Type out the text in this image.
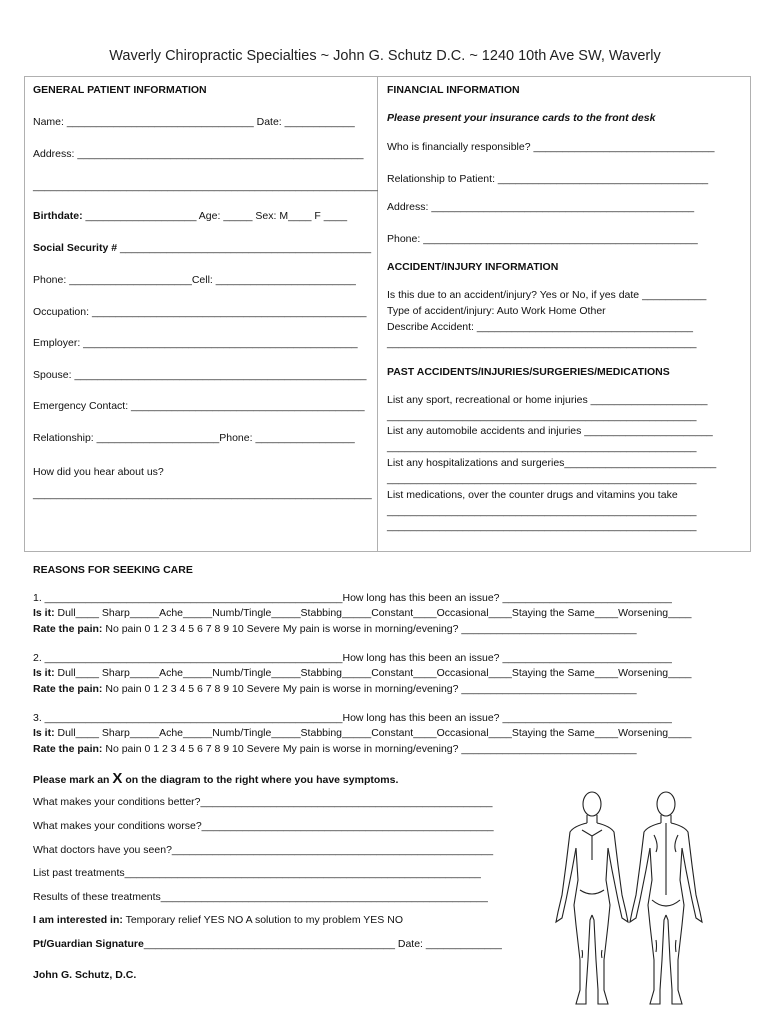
Waverly Chiropractic Specialties ~ John G. Schutz D.C. ~ 1240 10th Ave SW, Waverly
GENERAL PATIENT INFORMATION
Name: ________________________________ Date: ____________
Address: _________________________________________________
___________________________________________________________
Birthdate: ___________________ Age: _____ Sex: M____ F ____
Social Security # ___________________________________________
Phone: _____________________Cell: ________________________
Occupation: _______________________________________________
Employer: _______________________________________________
Spouse: __________________________________________________
Emergency Contact: ________________________________________
Relationship: _____________________Phone: _________________
How did you hear about us?
__________________________________________________________
FINANCIAL INFORMATION
Please present your insurance cards to the front desk
Who is financially responsible? _______________________________
Relationship to Patient: ____________________________________
Address: _____________________________________________
Phone: _______________________________________________
ACCIDENT/INJURY INFORMATION
Is this due to an accident/injury? Yes or No, if yes date ___________
Type of accident/injury: Auto Work Home Other
Describe Accident: _____________________________________
_____________________________________________________
PAST ACCIDENTS/INJURIES/SURGERIES/MEDICATIONS
List any sport, recreational or home injuries ____________________
_____________________________________________________
List any automobile accidents and injuries ______________________
_____________________________________________________
List any hospitalizations and surgeries__________________________
_____________________________________________________
List medications, over the counter drugs and vitamins you take
_____________________________________________________
_____________________________________________________
REASONS FOR SEEKING CARE
1. ___________________________________________________How long has this been an issue? _____________________________
Is it: Dull____ Sharp_____Ache_____Numb/Tingle_____Stabbing_____Constant____Occasional____Staying the Same____Worsening____
Rate the pain: No pain 0 1 2 3 4 5 6 7 8 9 10 Severe My pain is worse in morning/evening? ______________________________
2. ___________________________________________________How long has this been an issue? _____________________________
Is it: Dull____ Sharp_____Ache_____Numb/Tingle_____Stabbing_____Constant____Occasional____Staying the Same____Worsening____
Rate the pain: No pain 0 1 2 3 4 5 6 7 8 9 10 Severe My pain is worse in morning/evening? ______________________________
3. ___________________________________________________How long has this been an issue? _____________________________
Is it: Dull____ Sharp_____Ache_____Numb/Tingle_____Stabbing_____Constant____Occasional____Staying the Same____Worsening____
Rate the pain: No pain 0 1 2 3 4 5 6 7 8 9 10 Severe My pain is worse in morning/evening? ______________________________
Please mark an X on the diagram to the right where you have symptoms.
What makes your conditions better?__________________________________________________
What makes your conditions worse?__________________________________________________
What doctors have you seen?_______________________________________________________
List past treatments_____________________________________________________________
Results of these treatments________________________________________________________
I am interested in: Temporary relief YES NO A solution to my problem YES NO
Pt/Guardian Signature___________________________________________ Date: _____________
John G. Schutz, D.C.
